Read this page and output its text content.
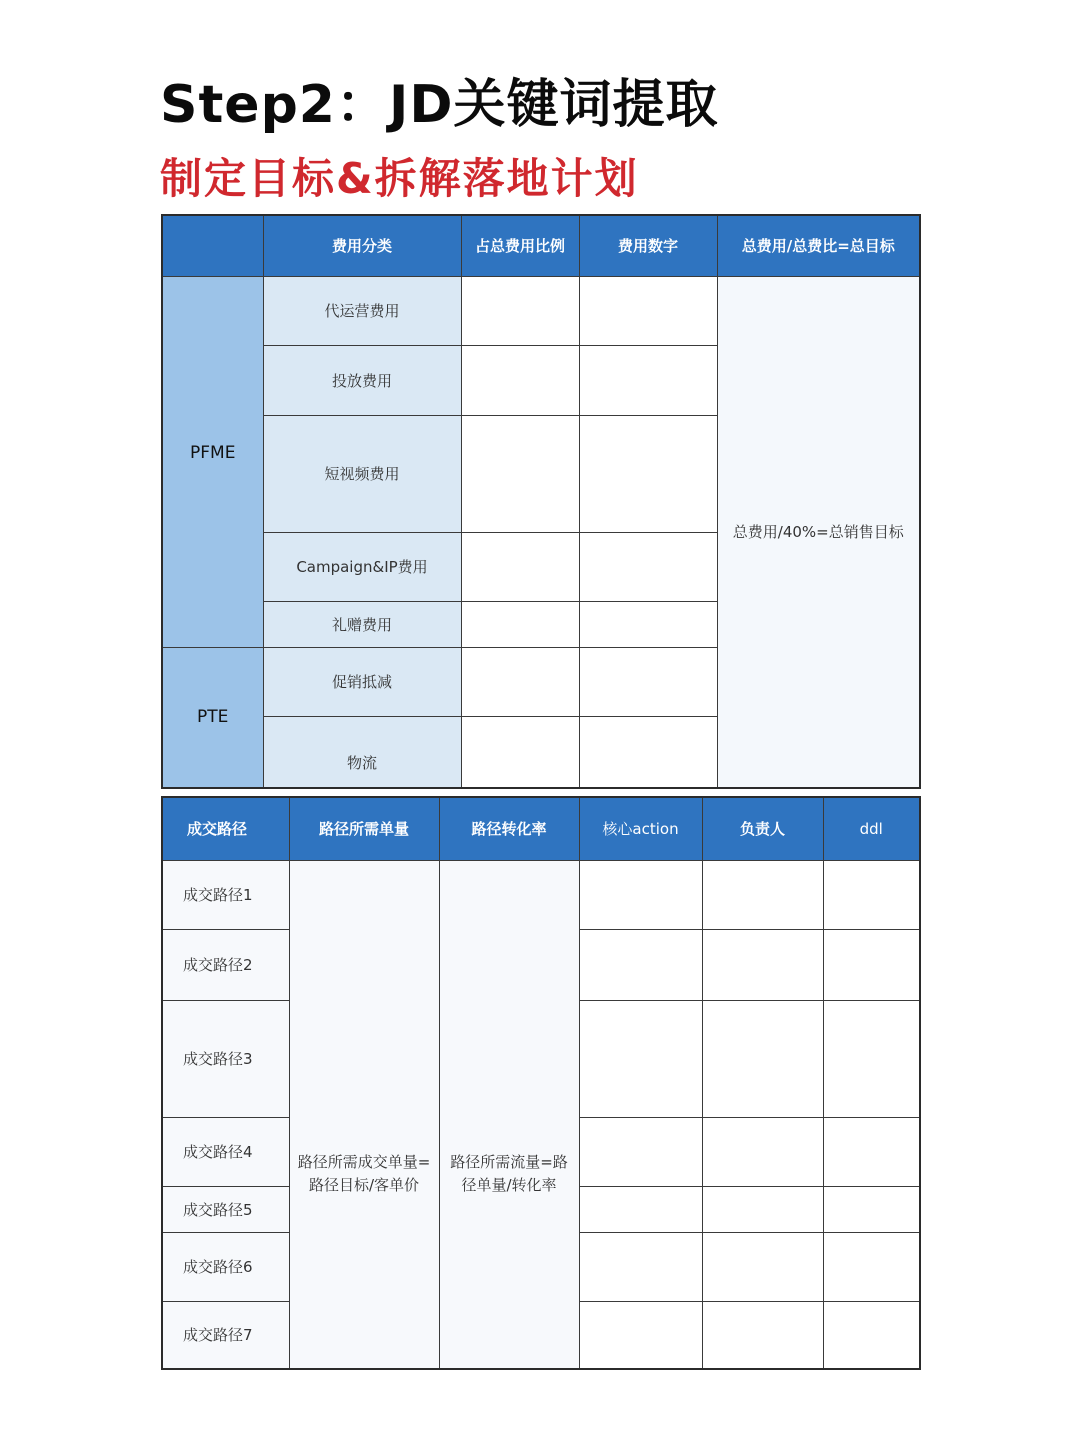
Step2：JD关键词提取
制定目标&拆解落地计划
	费用分类	占总费用比例	费用数字	总费用/总费比=总目标
PFME	代运营费用			总费用/40%=总销售目标
	投放费用			
	短视频费用			
	Campaign&IP费用			
	礼赠费用			
PTE	促销抵减			
	物流			
成交路径	路径所需单量	路径转化率	核心action	负责人	ddl
成交路径1	路径所需成交单量=路径目标/客单价	路径所需流量=路径单量/转化率			
成交路径2					
成交路径3					
成交路径4					
成交路径5					
成交路径6					
成交路径7					
